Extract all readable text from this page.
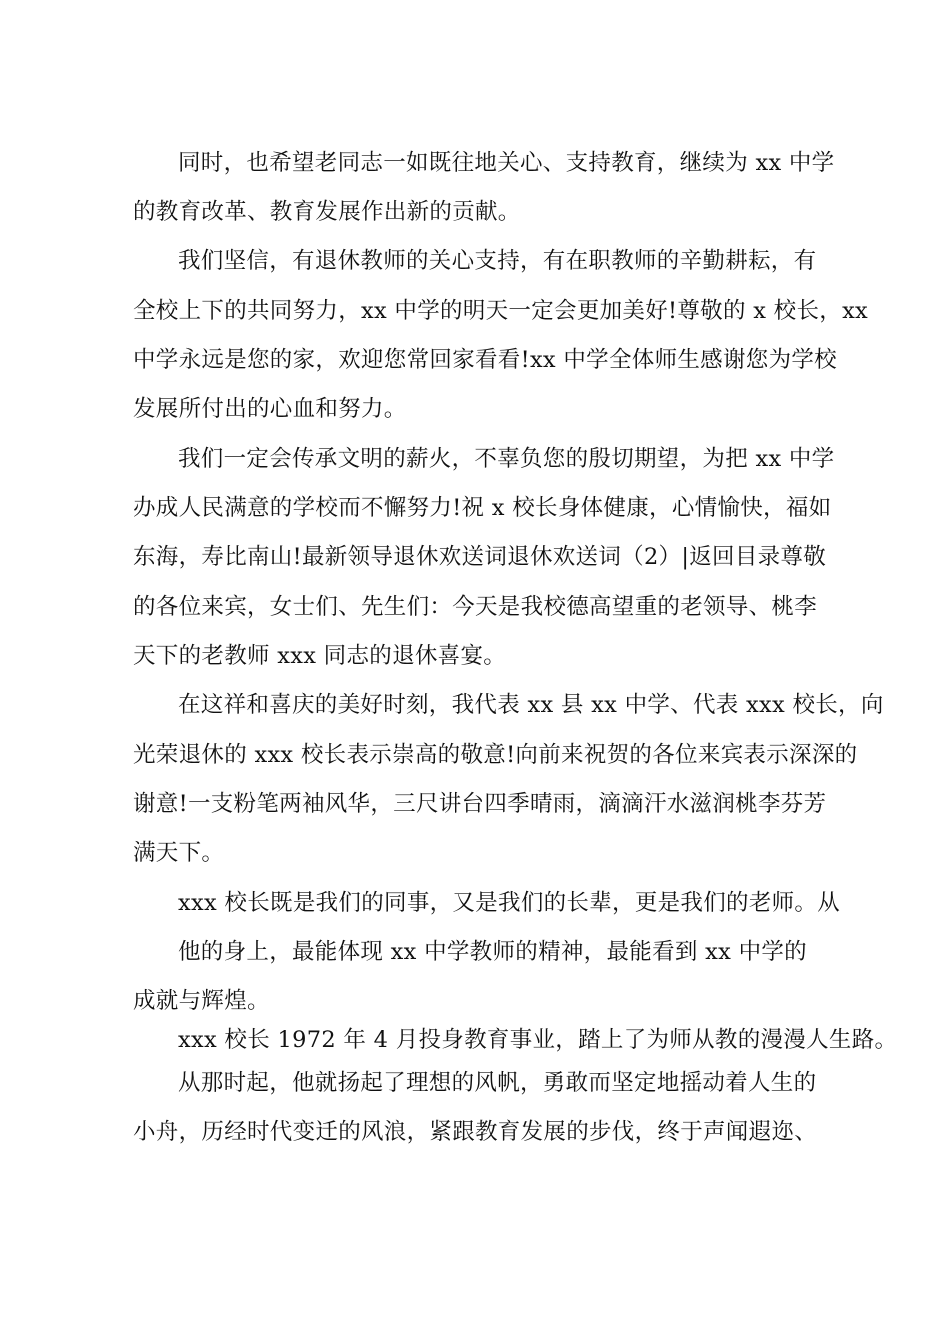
同时，也希望老同志一如既往地关心、支持教育，继续为 xx 中学
的教育改革、教育发展作出新的贡献。
我们坚信，有退休教师的关心支持，有在职教师的辛勤耕耘，有
全校上下的共同努力，xx 中学的明天一定会更加美好!尊敬的 x 校长，xx
中学永远是您的家，欢迎您常回家看看!xx 中学全体师生感谢您为学校
发展所付出的心血和努力。
我们一定会传承文明的薪火，不辜负您的殷切期望，为把 xx 中学
办成人民满意的学校而不懈努力!祝 x 校长身体健康，心情愉快，福如
东海，寿比南山!最新领导退休欢送词退休欢送词（2）|返回目录尊敬
的各位来宾，女士们、先生们：今天是我校德高望重的老领导、桃李
天下的老教师 xxx 同志的退休喜宴。
在这祥和喜庆的美好时刻，我代表 xx 县 xx 中学、代表 xxx 校长，向
光荣退休的 xxx 校长表示崇高的敬意!向前来祝贺的各位来宾表示深深的
谢意!一支粉笔两袖风华，三尺讲台四季晴雨，滴滴汗水滋润桃李芬芳
满天下。
xxx 校长既是我们的同事，又是我们的长辈，更是我们的老师。从
他的身上，最能体现 xx 中学教师的精神，最能看到 xx 中学的
成就与辉煌。
xxx 校长 1972 年 4 月投身教育事业，踏上了为师从教的漫漫人生路。
从那时起，他就扬起了理想的风帆，勇敢而坚定地摇动着人生的
小舟，历经时代变迁的风浪，紧跟教育发展的步伐，终于声闻遐迩、
